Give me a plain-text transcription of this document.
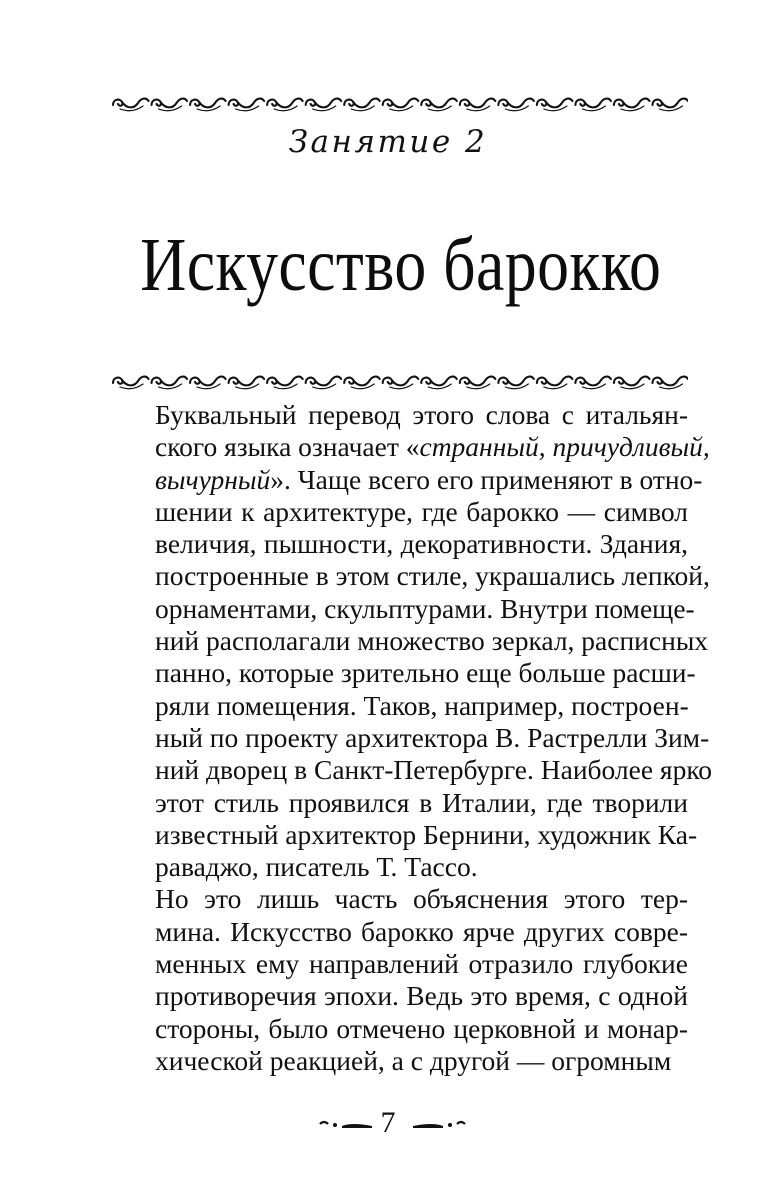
Занятие 2
Искусство барокко
Буквальный перевод этого слова с итальян-
ского языка означает «странный, причудливый,
вычурный». Чаще всего его применяют в отно-
шении к архитектуре, где барокко — символ
величия, пышности, декоративности. Здания,
построенные в этом стиле, украшались лепкой,
орнаментами, скульптурами. Внутри помеще-
ний располагали множество зеркал, расписных
панно, которые зрительно еще больше расши-
ряли помещения. Таков, например, построен-
ный по проекту архитектора В. Растрелли Зим-
ний дворец в Санкт-Петербурге. Наиболее ярко
этот стиль проявился в Италии, где творили
известный архитектор Бернини, художник Ка-
раваджо, писатель Т. Тассо.
Но это лишь часть объяснения этого тер-
мина. Искусство барокко ярче других совре-
менных ему направлений отразило глубокие
противоречия эпохи. Ведь это время, с одной
стороны, было отмечено церковной и монар-
хической реакцией, а с другой — огромным
7
